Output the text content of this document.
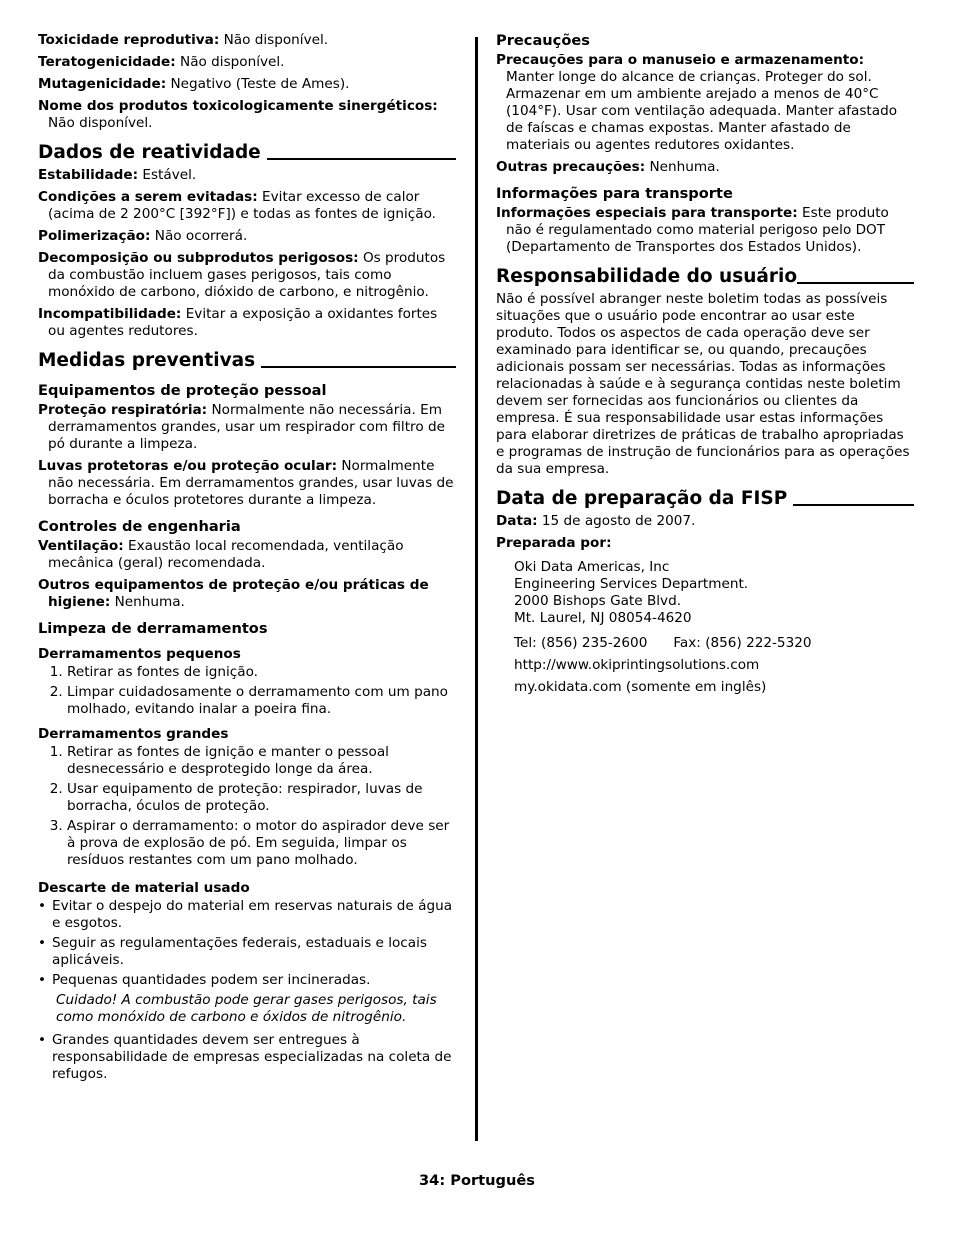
Toxicidade reprodutiva: Não disponível.

Teratogenicidade: Não disponível.

Mutagenicidade: Negativo (Teste de Ames).

Nome dos produtos toxicologicamente sinergéticos:
Não disponível.

Dados de reatividade

Estabilidade: Estável.

Condições a serem evitadas: Evitar excesso de calor (acima de 2 200°C [392°F]) e todas as fontes de ignição.

Polimerização: Não ocorrerá.

Decomposição ou subprodutos perigosos: Os produtos da combustão incluem gases perigosos, tais como monóxido de carbono, dióxido de carbono, e nitrogênio.

Incompatibilidade: Evitar a exposição a oxidantes fortes ou agentes redutores.

Medidas preventivas
Equipamentos de proteção pessoal

Proteção respiratória: Normalmente não necessária. Em derramamentos grandes, usar um respirador com filtro de pó durante a limpeza.

Luvas protetoras e/ou proteção ocular: Normalmente não necessária. Em derramamentos grandes, usar luvas de borracha e óculos protetores durante a limpeza.

Controles de engenharia

Ventilação: Exaustão local recomendada, ventilação mecânica (geral) recomendada.

Outros equipamentos de proteção e/ou práticas de higiene: Nenhuma.

Limpeza de derramamentos
Derramamentos pequenos
1. Retirar as fontes de ignição.
2. Limpar cuidadosamente o derramamento com um pano molhado, evitando inalar a poeira fina.
Derramamentos grandes
1. Retirar as fontes de ignição e manter o pessoal desnecessário e desprotegido longe da área.
2. Usar equipamento de proteção: respirador, luvas de borracha, óculos de proteção.
3. Aspirar o derramamento: o motor do aspirador deve ser à prova de explosão de pó. Em seguida, limpar os resíduos restantes com um pano molhado.
Descarte de material usado
• Evitar o despejo do material em reservas naturais de água e esgotos.
• Seguir as regulamentações federais, estaduais e locais aplicáveis.
• Pequenas quantidades podem ser incineradas.
Cuidado! A combustão pode gerar gases perigosos, tais como monóxido de carbono e óxidos de nitrogênio.
• Grandes quantidades devem ser entregues à responsabilidade de empresas especializadas na coleta de refugos.
Precauções
Precauções para o manuseio e armazenamento:

Manter longe do alcance de crianças. Proteger do sol. Armazenar em um ambiente arejado a menos de 40°C (104°F). Usar com ventilação adequada. Manter afastado de faíscas e chamas expostas. Manter afastado de materiais ou agentes redutores oxidantes.

Outras precauções: Nenhuma.

Informações para transporte

Informações especiais para transporte: Este produto não é regulamentado como material perigoso pelo DOT (Departamento de Transportes dos Estados Unidos).

Responsabilidade do usuário

Não é possível abranger neste boletim todas as possíveis situações que o usuário pode encontrar ao usar este produto. Todos os aspectos de cada operação deve ser examinado para identificar se, ou quando, precauções adicionais possam ser necessárias. Todas as informações relacionadas à saúde e à segurança contidas neste boletim devem ser fornecidas aos funcionários ou clientes da empresa. É sua responsabilidade usar estas informações para elaborar diretrizes de práticas de trabalho apropriadas e programas de instrução de funcionários para as operações da sua empresa.

Data de preparação da FISP

Data: 15 de agosto de 2007.

Preparada por:

Oki Data Americas, Inc
Engineering Services Department.
2000 Bishops Gate Blvd.
Mt. Laurel, NJ 08054-4620
Tel: (856) 235-2600 Fax: (856) 222-5320
http://www.okiprintingsolutions.com
my.okidata.com (somente em inglês)
34: Português
